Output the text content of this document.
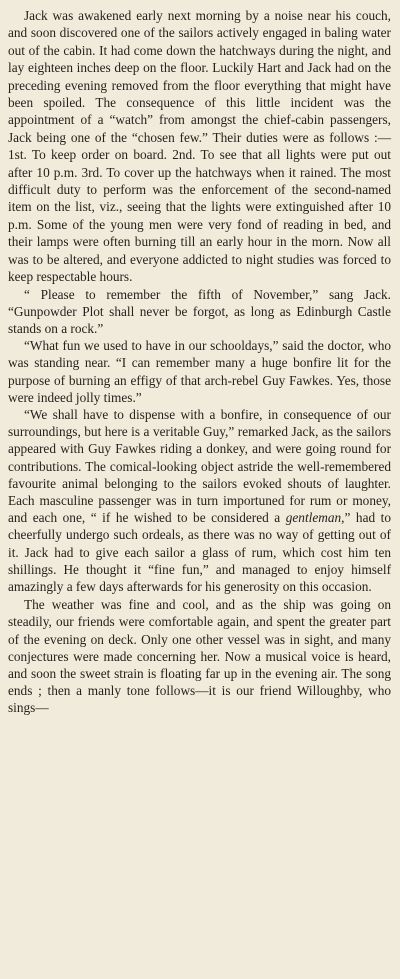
Jack was awakened early next morning by a noise near his couch, and soon discovered one of the sailors actively engaged in baling water out of the cabin. It had come down the hatchways during the night, and lay eighteen inches deep on the floor. Luckily Hart and Jack had on the preceding evening removed from the floor everything that might have been spoiled. The consequence of this little incident was the appointment of a “watch” from amongst the chief-cabin passengers, Jack being one of the “chosen few.” Their duties were as follows :— 1st. To keep order on board. 2nd. To see that all lights were put out after 10 p.m. 3rd. To cover up the hatchways when it rained. The most difficult duty to perform was the enforcement of the second-named item on the list, viz., seeing that the lights were extinguished after 10 p.m. Some of the young men were very fond of reading in bed, and their lamps were often burning till an early hour in the morn. Now all was to be altered, and everyone addicted to night studies was forced to keep respectable hours.

“ Please to remember the fifth of November,” sang Jack. “Gunpowder Plot shall never be forgot, as long as Edinburgh Castle stands on a rock.”

“What fun we used to have in our schooldays,” said the doctor, who was standing near. “I can remember many a huge bonfire lit for the purpose of burning an effigy of that arch-rebel Guy Fawkes. Yes, those were indeed jolly times.”

“We shall have to dispense with a bonfire, in consequence of our surroundings, but here is a veritable Guy,” remarked Jack, as the sailors appeared with Guy Fawkes riding a donkey, and were going round for contributions. The comical-looking object astride the well-remembered favourite animal belonging to the sailors evoked shouts of laughter. Each masculine passenger was in turn importuned for rum or money, and each one, “ if he wished to be considered a gentleman,” had to cheerfully undergo such ordeals, as there was no way of getting out of it. Jack had to give each sailor a glass of rum, which cost him ten shillings. He thought it “fine fun,” and managed to enjoy himself amazingly a few days afterwards for his generosity on this occasion.

The weather was fine and cool, and as the ship was going on steadily, our friends were comfortable again, and spent the greater part of the evening on deck. Only one other vessel was in sight, and many conjectures were made concerning her. Now a musical voice is heard, and soon the sweet strain is floating far up in the evening air. The song ends ; then a manly tone follows—it is our friend Willoughby, who sings—
